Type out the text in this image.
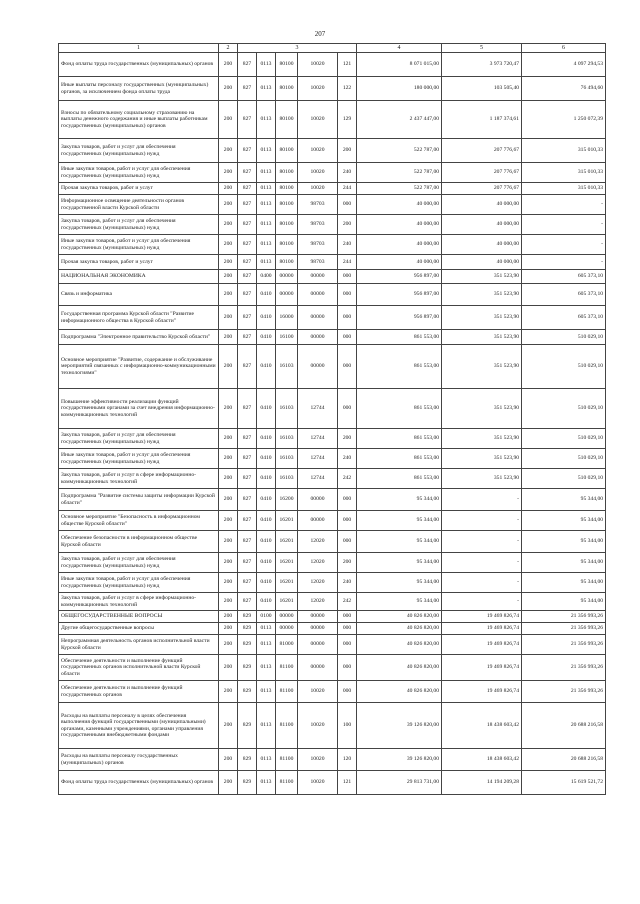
207
1	2	3					4	5	6
Фонд оплаты труда государственных (муниципальных) органов	200	827	0113	80100	10020	121	8 071 015,00	3 973 720,47	4 097 294,53
Иные выплаты персоналу государственных (муниципальных) органов, за исключением фонда оплаты труда	200	827	0113	80100	10020	122	180 000,00	103 505,40	76 494,60
Взносы по обязательному социальному страхованию на выплаты денежного содержания и иные выплаты работникам государственных (муниципальных) органов	200	827	0113	80100	10020	129	2 437 447,00	1 187 374,61	1 250 072,39
Закупка товаров, работ и услуг для обеспечения государственных (муниципальных) нужд	200	827	0113	80100	10020	200	522 787,00	207 776,67	315 010,33
Иные закупки товаров, работ и услуг для обеспечения государственных (муниципальных) нужд	200	827	0113	80100	10020	240	522 787,00	207 776,67	315 010,33
Прочая закупка товаров, работ и услуг	200	827	0113	80100	10020	244	522 787,00	207 776,67	315 010,33
Информационное освещение деятельности органов государственной власти Курской области	200	827	0113	80100	98703	000	40 000,00	40 000,00	-
Закупка товаров, работ и услуг для обеспечения государственных (муниципальных) нужд	200	827	0113	80100	98703	200	40 000,00	40 000,00	-
Иные закупки товаров, работ и услуг для обеспечения государственных (муниципальных) нужд	200	827	0113	80100	98703	240	40 000,00	40 000,00	-
Прочая закупка товаров, работ и услуг	200	827	0113	80100	98703	244	40 000,00	40 000,00	-
НАЦИОНАЛЬНАЯ ЭКОНОМИКА	200	827	0400	00000	00000	000	956 897,00	351 523,90	605 373,10
Связь и информатика	200	827	0410	00000	00000	000	956 897,00	351 523,90	605 373,10
Государственная программа Курской области "Развитие информационного общества в Курской области"	200	827	0410	16000	00000	000	956 897,00	351 523,90	605 373,10
Подпрограмма "Электронное правительство Курской области"	200	827	0410	16100	00000	000	861 553,00	351 523,90	510 029,10
Основное мероприятие "Развитие, содержание и обслуживание мероприятий связанных с информационно-коммуникационными технологиями"	200	827	0410	16103	00000	000	861 553,00	351 523,90	510 029,10
Повышение эффективности реализации функций государственными органами за счет внедрения информационно-коммуникационных технологий	200	827	0410	16103	12744	000	861 553,00	351 523,90	510 029,10
Закупка товаров, работ и услуг для обеспечения государственных (муниципальных) нужд	200	827	0410	16103	12744	200	861 553,00	351 523,90	510 029,10
Иные закупки товаров, работ и услуг для обеспечения государственных (муниципальных) нужд	200	827	0410	16103	12744	240	861 553,00	351 523,90	510 029,10
Закупка товаров, работ и услуг в сфере информационно-коммуникационных технологий	200	827	0410	16103	12744	242	861 553,00	351 523,90	510 029,10
Подпрограмма "Развитие системы защиты информации Курской области"	200	827	0410	16200	00000	000	95 344,00	-	95 344,00
Основное мероприятие "Безопасность в информационном обществе Курской области"	200	827	0410	16201	00000	000	95 344,00	-	95 344,00
Обеспечение безопасности в информационном обществе Курской области	200	827	0410	16201	12020	000	95 344,00	-	95 344,00
Закупка товаров, работ и услуг для обеспечения государственных (муниципальных) нужд	200	827	0410	16201	12020	200	95 344,00	-	95 344,00
Иные закупки товаров, работ и услуг для обеспечения государственных (муниципальных) нужд	200	827	0410	16201	12020	240	95 344,00	-	95 344,00
Закупка товаров, работ и услуг в сфере информационно-коммуникационных технологий	200	827	0410	16201	12020	242	95 344,00	-	95 344,00
ОБЩЕГОСУДАРСТВЕННЫЕ ВОПРОСЫ	200	829	0100	00000	00000	000	40 826 820,00	19 469 826,74	21 356 993,26
Другие общегосударственные вопросы	200	829	0113	00000	00000	000	40 826 820,00	19 469 826,74	21 356 993,26
Непрограммная деятельность органов исполнительной власти Курской области	200	829	0113	81000	00000	000	40 826 820,00	19 469 826,74	21 356 993,26
Обеспечение деятельности и выполнение функций государственных органов исполнительной власти Курской области	200	829	0113	81100	00000	000	40 826 820,00	19 469 826,74	21 356 993,26
Обеспечение деятельности и выполнение функций государственных органов	200	829	0113	81100	10020	000	40 826 820,00	19 469 826,74	21 356 993,26
Расходы на выплаты персоналу в целях обеспечения выполнения функций государственными (муниципальными) органами, казенными учреждениями, органами управления государственными внебюджетными фондами	200	829	0113	81100	10020	100	39 126 820,00	18 438 603,42	20 688 216,58
Расходы на выплаты персоналу государственных (муниципальных) органов	200	829	0113	81100	10020	120	39 126 820,00	18 438 603,42	20 688 216,58
Фонд оплаты труда государственных (муниципальных) органов	200	829	0113	81100	10020	121	29 813 731,00	14 194 209,28	15 619 521,72
